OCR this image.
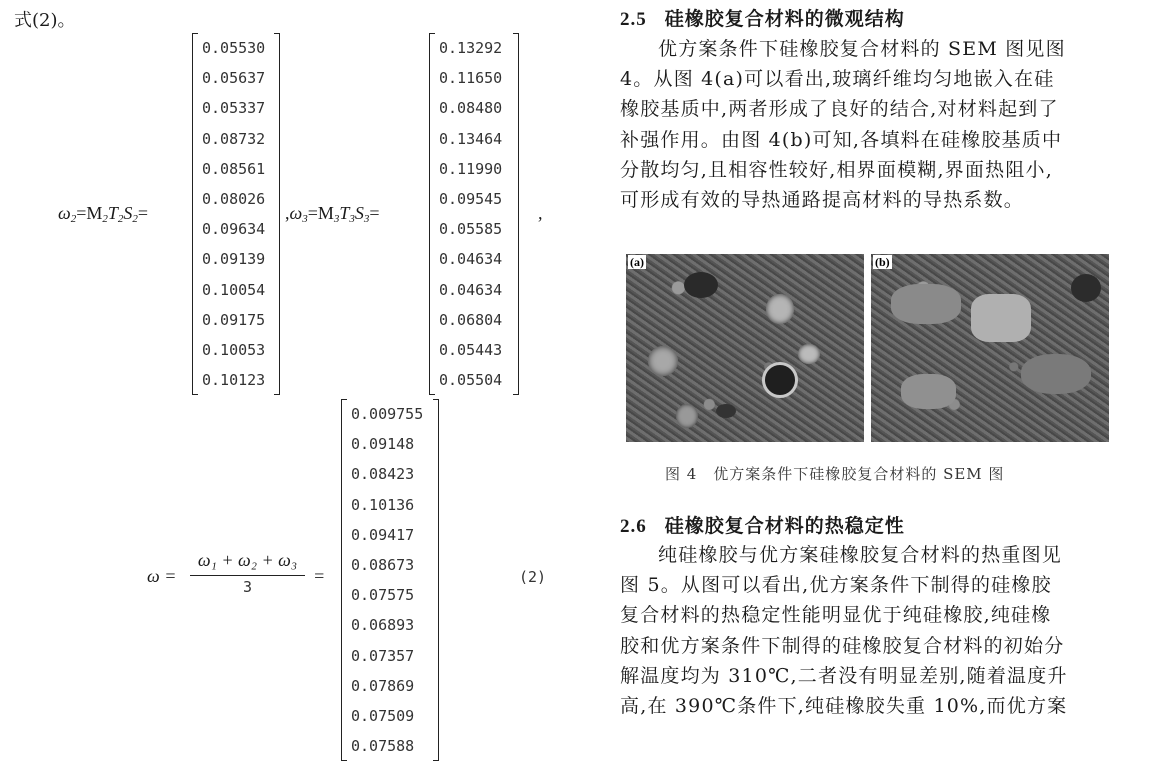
式(2)。
$\omega_2=M_2T_2S_2=$
0.05530
0.05637
0.05337
0.08732
0.08561
0.08026
0.09634
0.09139
0.10054
0.09175
0.10053
0.10123
$,\omega_3=M_3T_3S_3=$
0.13292
0.11650
0.08480
0.13464
0.11990
0.09545
0.05585
0.04634
0.04634
0.06804
0.05443
0.05504
,
ω =
ω₁ + ω₂ + ω₃
3
=
0.009755
0.09148
0.08423
0.10136
0.09417
0.08673
0.07575
0.06893
0.07357
0.07869
0.07509
0.07588
(2)
2.5 硅橡胶复合材料的微观结构
优方案条件下硅橡胶复合材料的 SEM 图见图
4。从图 4(a)可以看出,玻璃纤维均匀地嵌入在硅
橡胶基质中,两者形成了良好的结合,对材料起到了
补强作用。由图 4(b)可知,各填料在硅橡胶基质中
分散均匀,且相容性较好,相界面模糊,界面热阻小,
可形成有效的导热通路提高材料的导热系数。
(a)	(b)
图 4　优方案条件下硅橡胶复合材料的 SEM 图
2.6 硅橡胶复合材料的热稳定性
纯硅橡胶与优方案硅橡胶复合材料的热重图见
图 5。从图可以看出,优方案条件下制得的硅橡胶
复合材料的热稳定性能明显优于纯硅橡胶,纯硅橡
胶和优方案条件下制得的硅橡胶复合材料的初始分
解温度均为 310℃,二者没有明显差别,随着温度升
高,在 390℃条件下,纯硅橡胶失重 10%,而优方案
